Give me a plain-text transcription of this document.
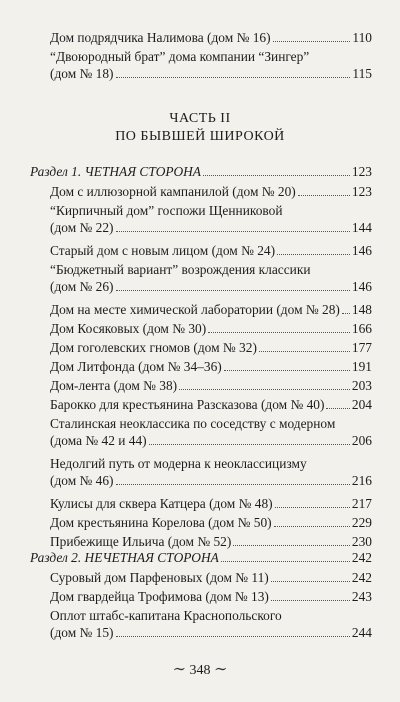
Дом подрядчика Налимова (дом № 16)	110
“Двоюродный брат” дома компании “Зингер”
(дом № 18)	115
ЧАСТЬ II
ПО БЫВШЕЙ ШИРОКОЙ
Раздел 1. ЧЕТНАЯ СТОРОНА	123
Дом с иллюзорной кампанилой (дом № 20)	123
“Кирпичный дом” госпожи Щенниковой
(дом № 22)	144
Старый дом с новым лицом (дом № 24)	146
“Бюджетный вариант” возрождения классики
(дом № 26)	146
Дом на месте химической лаборатории (дом № 28) 148
Дом Косяковых (дом № 30)	166
Дом гоголевских гномов (дом № 32)	177
Дом Литфонда (дом № 34–36)	191
Дом-лента (дом № 38)	203
Барокко для крестьянина Разсказова (дом № 40) 204
Сталинская неоклассика по соседству с модерном
(дома № 42 и 44)	206
Недолгий путь от модерна к неоклассицизму
(дом № 46)	216
Кулисы для сквера Катцера (дом № 48)	217
Дом крестьянина Корелова (дом № 50)	229
Прибежище Ильича (дом № 52)	230
Раздел 2. НЕЧЕТНАЯ СТОРОНА	242
Суровый дом Парфеновых (дом № 11)	242
Дом гвардейца Трофимова (дом № 13)	243
Оплот штабс-капитана Краснопольского
(дом № 15)	244
∼ 348 ∼
